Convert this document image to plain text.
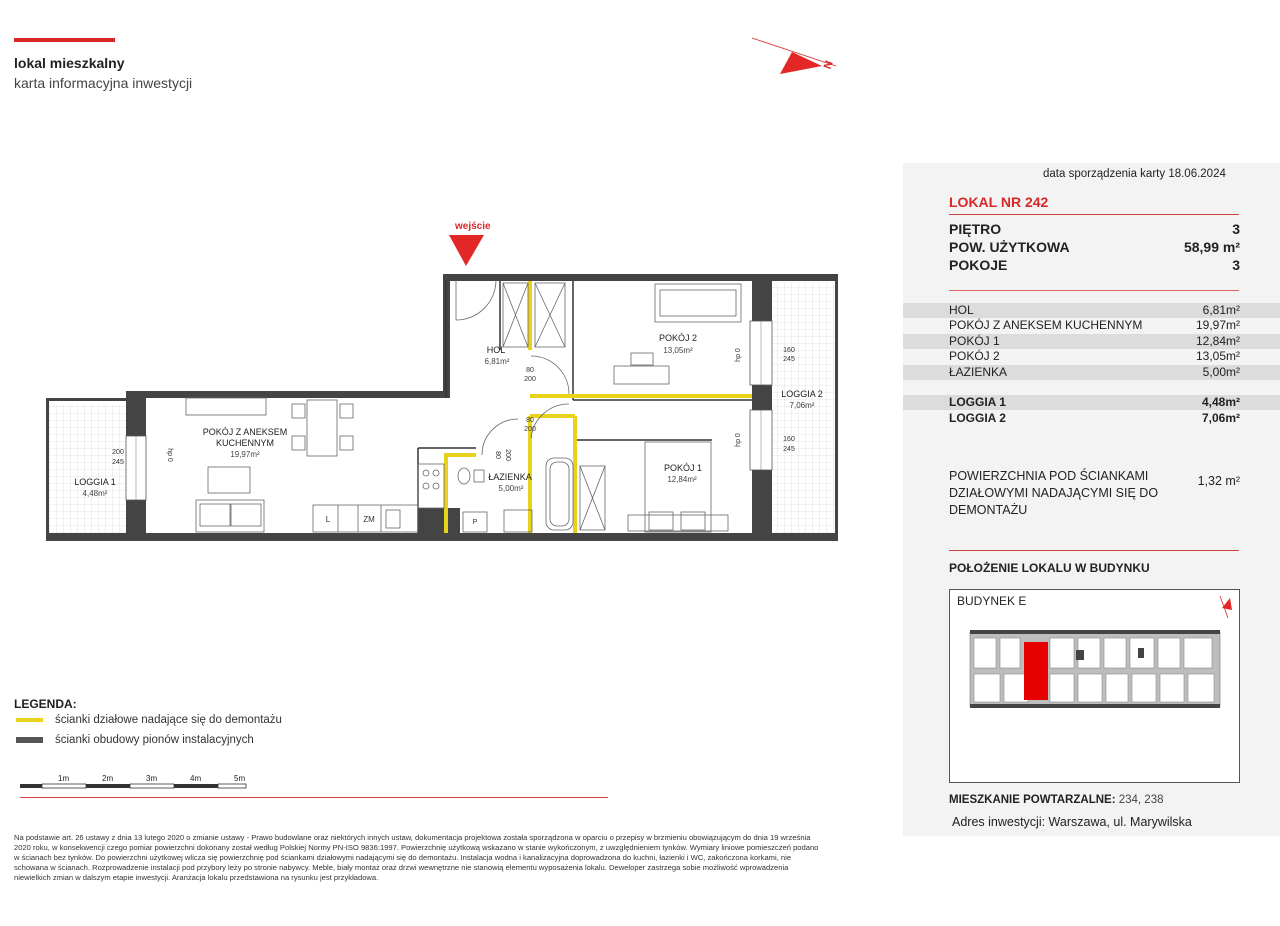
lokal mieszkalny
karta informacyjna inwestycji
N
wejście
HOL
6,81m²
POKÓJ 2
13,05m²
POKÓJ Z ANEKSEM
KUCHENNYM
19,97m²
ŁAZIENKA
5,00m²
POKÓJ 1
12,84m²
LOGGIA 1
4,48m²
LOGGIA 2
7,06m²
80
200
80
200
160
245
160
245
200
245
80 200
hp 0
hp 0
hp 0
L	ZM	P
1m	2m	3m	4m	5m
LEGENDA:
ścianki działowe nadające się do demontażu
ścianki obudowy pionów instalacyjnych
Na podstawie art. 26 ustawy z dnia 13 lutego 2020 o zmianie ustawy - Prawo budowlane oraz niektórych innych ustaw, dokumentacja projektowa została sporządzona w oparciu o przepisy w brzmieniu obowiązującym do dnia 19 września 2020 roku, w konsekwencji czego pomiar powierzchni dokonany został według Polskiej Normy PN-ISO 9836:1997. Powierzchnię użytkową wskazano w stanie wykończonym, z uwzględnieniem tynków. Wymiary liniowe pomieszczeń podano w ścianach bez tynków. Do powierzchni użytkowej wlicza się powierzchnię pod ściankami działowymi nadającymi się do demontażu. Instalacja wodna i kanalizacyjna doprowadzona do kuchni, łazienki i WC, zakończona korkami, nie schowana w ścianach. Rozprowadzenie instalacji pod przybory leży po stronie nabywcy. Meble, biały montaż oraz drzwi wewnętrzne nie stanowią elementu wyposażenia lokalu. Deweloper zastrzega sobie możliwość wprowadzenia niewielkich zmian w dalszym etapie inwestycji. Aranżacja lokalu przedstawiona na rysunku jest przykładowa.
data sporządzenia karty 18.06.2024
LOKAL NR 242
PIĘTRO	3
POW. UŻYTKOWA	58,99 m²
POKOJE	3
HOL	6,81m²
POKÓJ Z ANEKSEM KUCHENNYM	19,97m²
POKÓJ 1	12,84m²
POKÓJ 2	13,05m²
ŁAZIENKA	5,00m²
LOGGIA 1	4,48m²
LOGGIA 2	7,06m²
POWIERZCHNIA POD ŚCIANKAMI DZIAŁOWYMI NADAJĄCYMI SIĘ DO DEMONTAŻU
1,32 m²
POŁOŻENIE LOKALU W BUDYNKU
BUDYNEK E
MIESZKANIE POWTARZALNE: 234, 238
Adres inwestycji: Warszawa, ul. Marywilska
